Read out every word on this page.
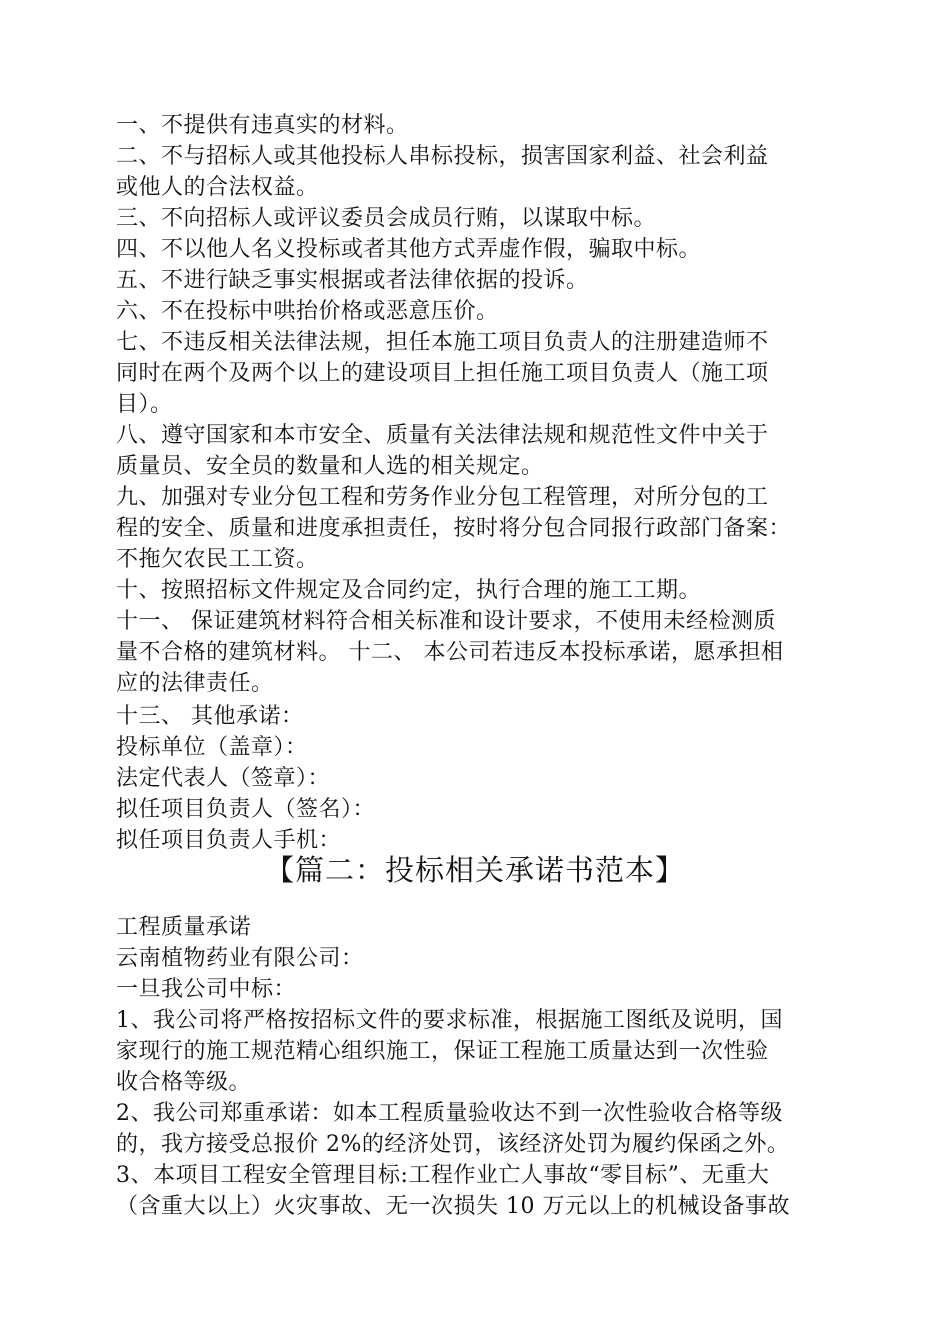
一、不提供有违真实的材料。
二、不与招标人或其他投标人串标投标，损害国家利益、社会利益
或他人的合法权益。
三、不向招标人或评议委员会成员行贿，以谋取中标。
四、不以他人名义投标或者其他方式弄虚作假，骗取中标。
五、不进行缺乏事实根据或者法律依据的投诉。
六、不在投标中哄抬价格或恶意压价。
七、不违反相关法律法规，担任本施工项目负责人的注册建造师不
同时在两个及两个以上的建设项目上担任施工项目负责人（施工项
目）。
八、遵守国家和本市安全、质量有关法律法规和规范性文件中关于
质量员、安全员的数量和人选的相关规定。
九、加强对专业分包工程和劳务作业分包工程管理，对所分包的工
程的安全、质量和进度承担责任，按时将分包合同报行政部门备案：
不拖欠农民工工资。
十、按照招标文件规定及合同约定，执行合理的施工工期。
十一、 保证建筑材料符合相关标准和设计要求，不使用未经检测质
量不合格的建筑材料。 十二、 本公司若违反本投标承诺，愿承担相
应的法律责任。
十三、 其他承诺：
投标单位（盖章）：
法定代表人（签章）：
拟任项目负责人（签名）：
拟任项目负责人手机：
【篇二：投标相关承诺书范本】
工程质量承诺
云南植物药业有限公司：
一旦我公司中标：
1、我公司将严格按招标文件的要求标准，根据施工图纸及说明，国
家现行的施工规范精心组织施工，保证工程施工质量达到一次性验
收合格等级。
2、我公司郑重承诺：如本工程质量验收达不到一次性验收合格等级
的，我方接受总报价 2%的经济处罚，该经济处罚为履约保函之外。
3、本项目工程安全管理目标:工程作业亡人事故“零目标”、无重大
（含重大以上）火灾事故、无一次损失 10 万元以上的机械设备事故
